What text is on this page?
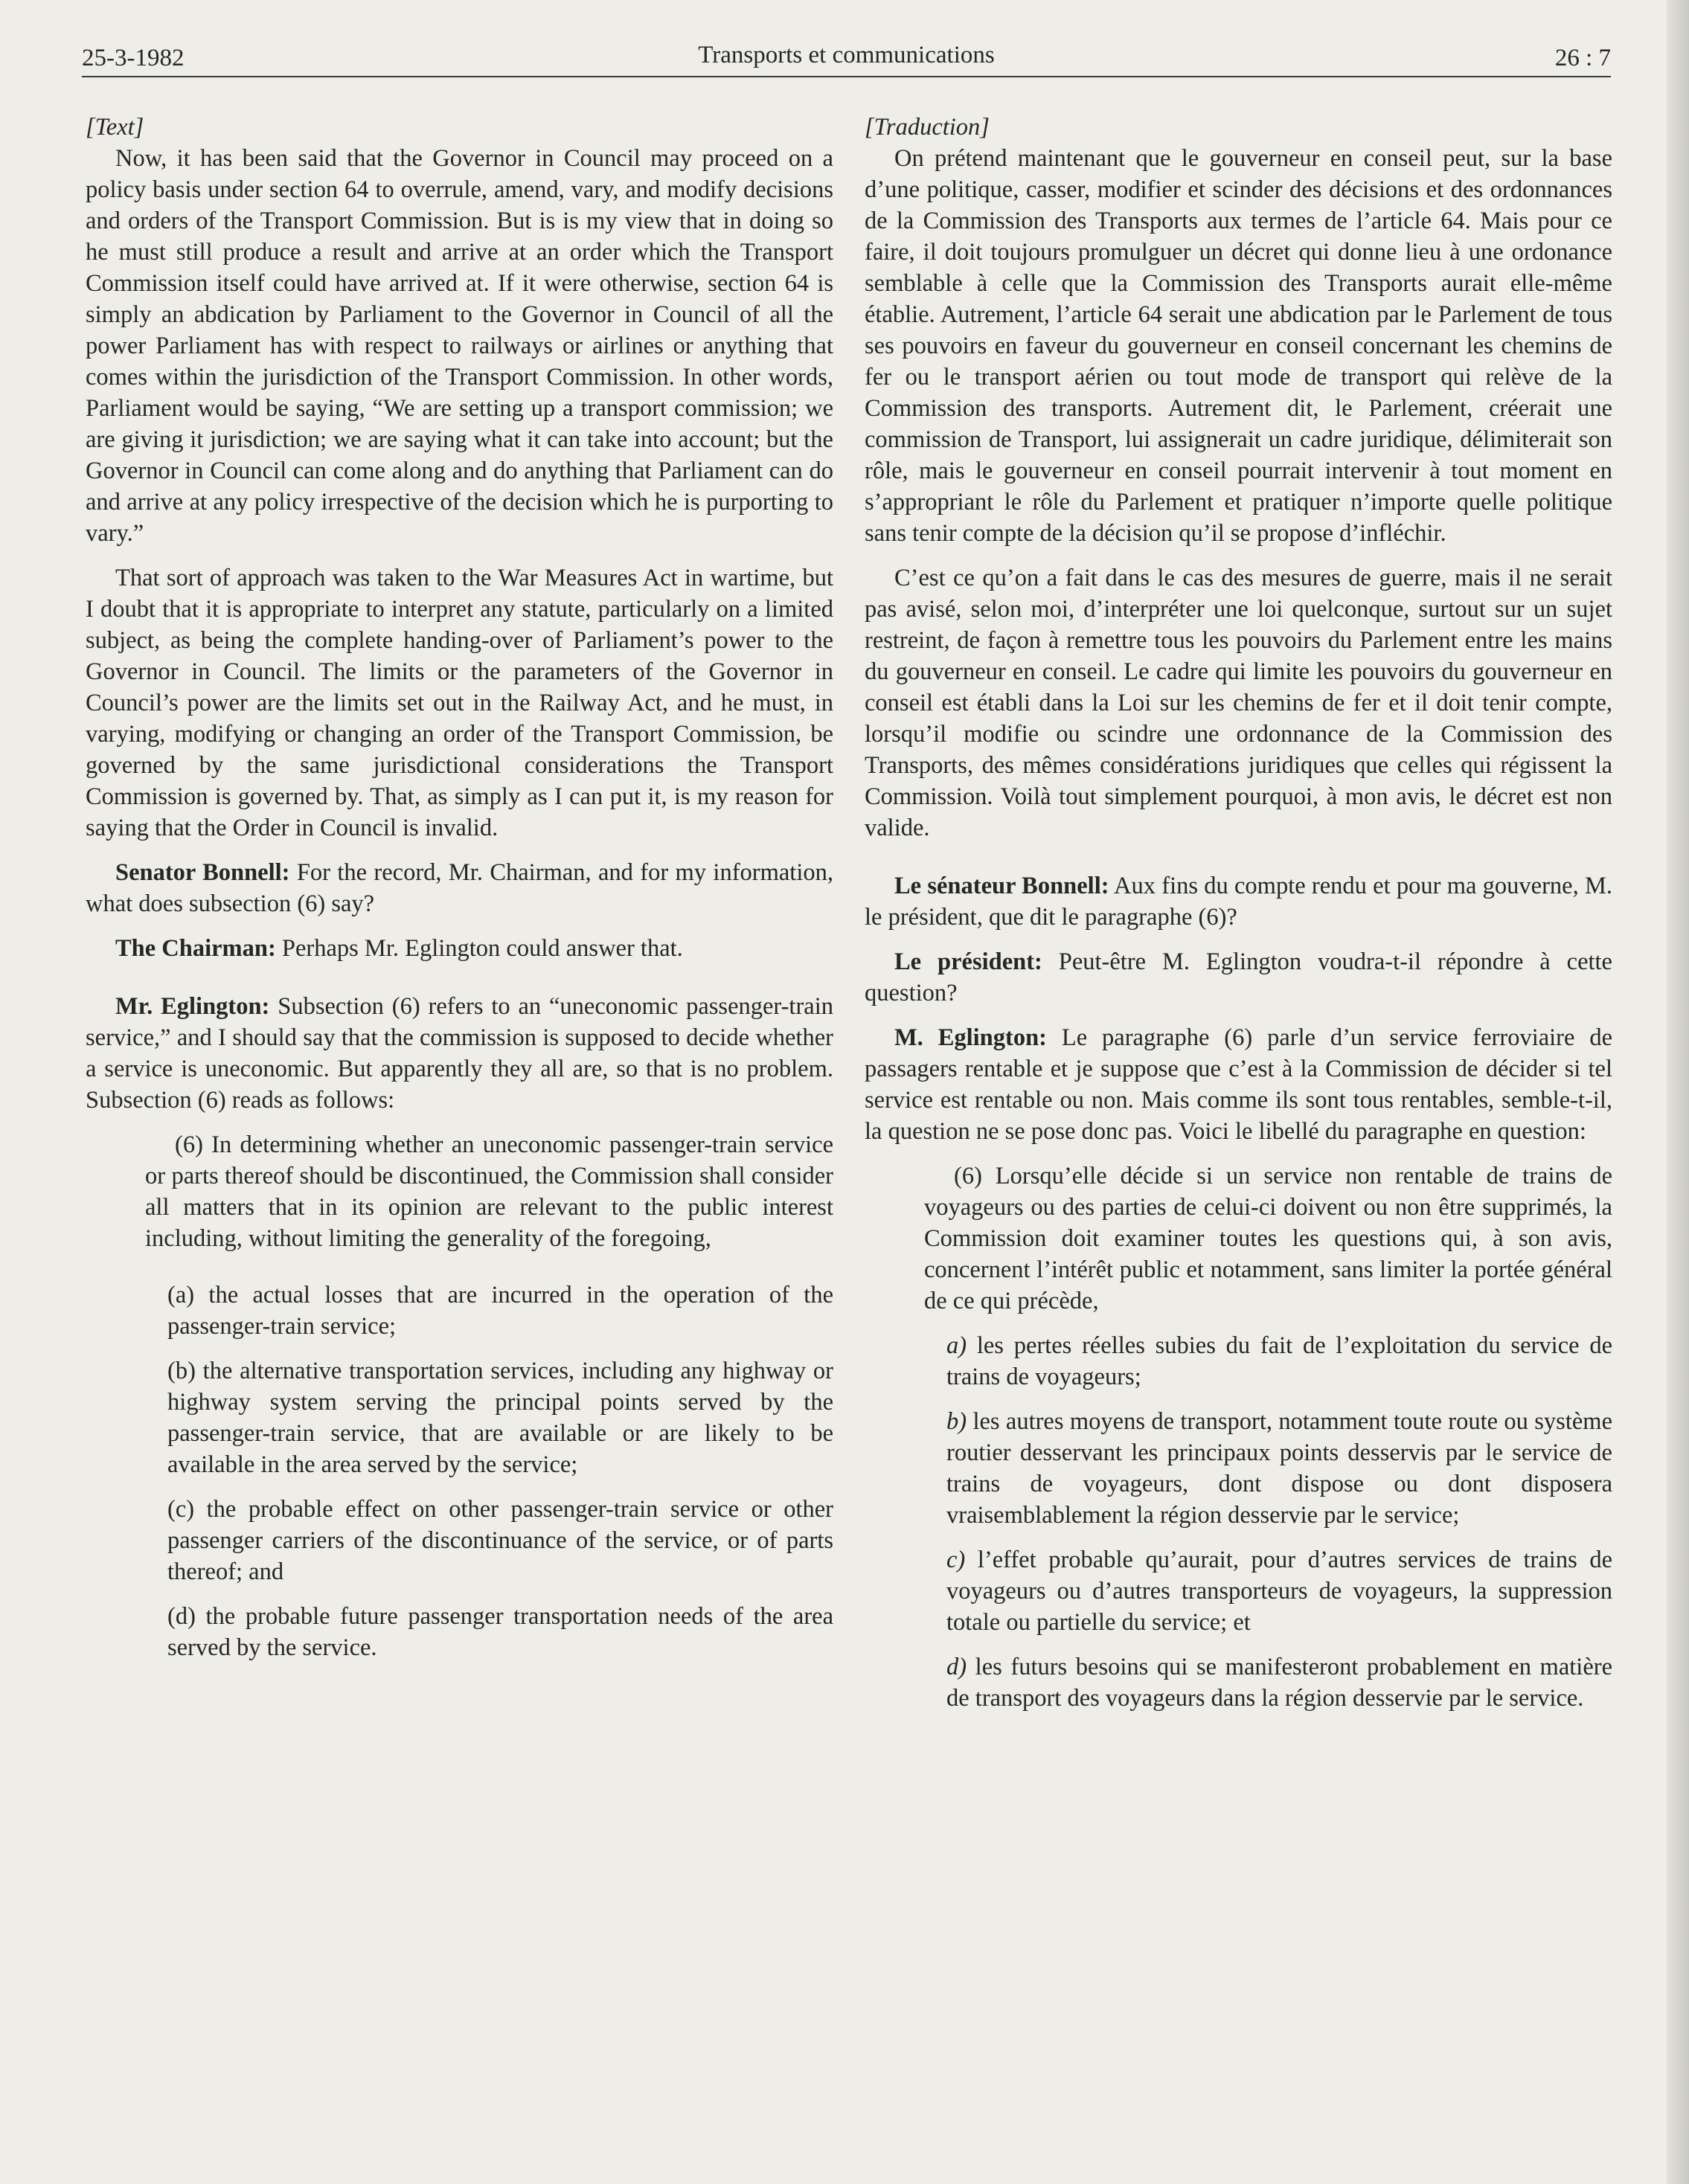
25-3-1982	Transports et communications	26 : 7

[Text]

Now, it has been said that the Governor in Council may proceed on a policy basis under section 64 to overrule, amend, vary, and modify decisions and orders of the Transport Commission. But is is my view that in doing so he must still produce a result and arrive at an order which the Transport Commission itself could have arrived at. If it were otherwise, section 64 is simply an abdication by Parliament to the Governor in Council of all the power Parliament has with respect to railways or airlines or anything that comes within the jurisdiction of the Transport Commission. In other words, Parliament would be saying, “We are setting up a transport commission; we are giving it jurisdiction; we are saying what it can take into account; but the Governor in Council can come along and do anything that Parliament can do and arrive at any policy irrespective of the decision which he is purporting to vary.”

That sort of approach was taken to the War Measures Act in wartime, but I doubt that it is appropriate to interpret any statute, particularly on a limited subject, as being the complete handing-over of Parliament’s power to the Governor in Council. The limits or the parameters of the Governor in Council’s power are the limits set out in the Railway Act, and he must, in varying, modifying or changing an order of the Transport Commission, be governed by the same jurisdictional considerations the Transport Commission is governed by. That, as simply as I can put it, is my reason for saying that the Order in Council is invalid.

Senator Bonnell: For the record, Mr. Chairman, and for my information, what does subsection (6) say?

The Chairman: Perhaps Mr. Eglington could answer that.

Mr. Eglington: Subsection (6) refers to an “uneconomic passenger-train service,” and I should say that the commission is supposed to decide whether a service is uneconomic. But apparently they all are, so that is no problem. Subsection (6) reads as follows:

(6) In determining whether an uneconomic passenger-train service or parts thereof should be discontinued, the Commission shall consider all matters that in its opinion are relevant to the public interest including, without limiting the generality of the foregoing,

(a) the actual losses that are incurred in the operation of the passenger-train service;

(b) the alternative transportation services, including any highway or highway system serving the principal points served by the passenger-train service, that are available or are likely to be available in the area served by the service;

(c) the probable effect on other passenger-train service or other passenger carriers of the discontinuance of the service, or of parts thereof; and

(d) the probable future passenger transportation needs of the area served by the service.

[Traduction]

On prétend maintenant que le gouverneur en conseil peut, sur la base d’une politique, casser, modifier et scinder des décisions et des ordonnances de la Commission des Transports aux termes de l’article 64. Mais pour ce faire, il doit toujours promulguer un décret qui donne lieu à une ordonance semblable à celle que la Commission des Transports aurait elle-même établie. Autrement, l’article 64 serait une abdication par le Parlement de tous ses pouvoirs en faveur du gouverneur en conseil concernant les chemins de fer ou le transport aérien ou tout mode de transport qui relève de la Commission des transports. Autrement dit, le Parlement, créerait une commission de Transport, lui assignerait un cadre juridique, délimiterait son rôle, mais le gouverneur en conseil pourrait intervenir à tout moment en s’appropriant le rôle du Parlement et pratiquer n’importe quelle politique sans tenir compte de la décision qu’il se propose d’infléchir.

C’est ce qu’on a fait dans le cas des mesures de guerre, mais il ne serait pas avisé, selon moi, d’interpréter une loi quelconque, surtout sur un sujet restreint, de façon à remettre tous les pouvoirs du Parlement entre les mains du gouverneur en conseil. Le cadre qui limite les pouvoirs du gouverneur en conseil est établi dans la Loi sur les chemins de fer et il doit tenir compte, lorsqu’il modifie ou scindre une ordonnance de la Commission des Transports, des mêmes considérations juridiques que celles qui régissent la Commission. Voilà tout simplement pourquoi, à mon avis, le décret est non valide.

Le sénateur Bonnell: Aux fins du compte rendu et pour ma gouverne, M. le président, que dit le paragraphe (6)?

Le président: Peut-être M. Eglington voudra-t-il répondre à cette question?

M. Eglington: Le paragraphe (6) parle d’un service ferroviaire de passagers rentable et je suppose que c’est à la Commission de décider si tel service est rentable ou non. Mais comme ils sont tous rentables, semble-t-il, la question ne se pose donc pas. Voici le libellé du paragraphe en question:

(6) Lorsqu’elle décide si un service non rentable de trains de voyageurs ou des parties de celui-ci doivent ou non être supprimés, la Commission doit examiner toutes les questions qui, à son avis, concernent l’intérêt public et notamment, sans limiter la portée général de ce qui précède,

a) les pertes réelles subies du fait de l’exploitation du service de trains de voyageurs;

b) les autres moyens de transport, notamment toute route ou système routier desservant les principaux points desservis par le service de trains de voyageurs, dont dispose ou dont disposera vraisemblablement la région desservie par le service;

c) l’effet probable qu’aurait, pour d’autres services de trains de voyageurs ou d’autres transporteurs de voyageurs, la suppression totale ou partielle du service; et

d) les futurs besoins qui se manifesteront probablement en matière de transport des voyageurs dans la région desservie par le service.
